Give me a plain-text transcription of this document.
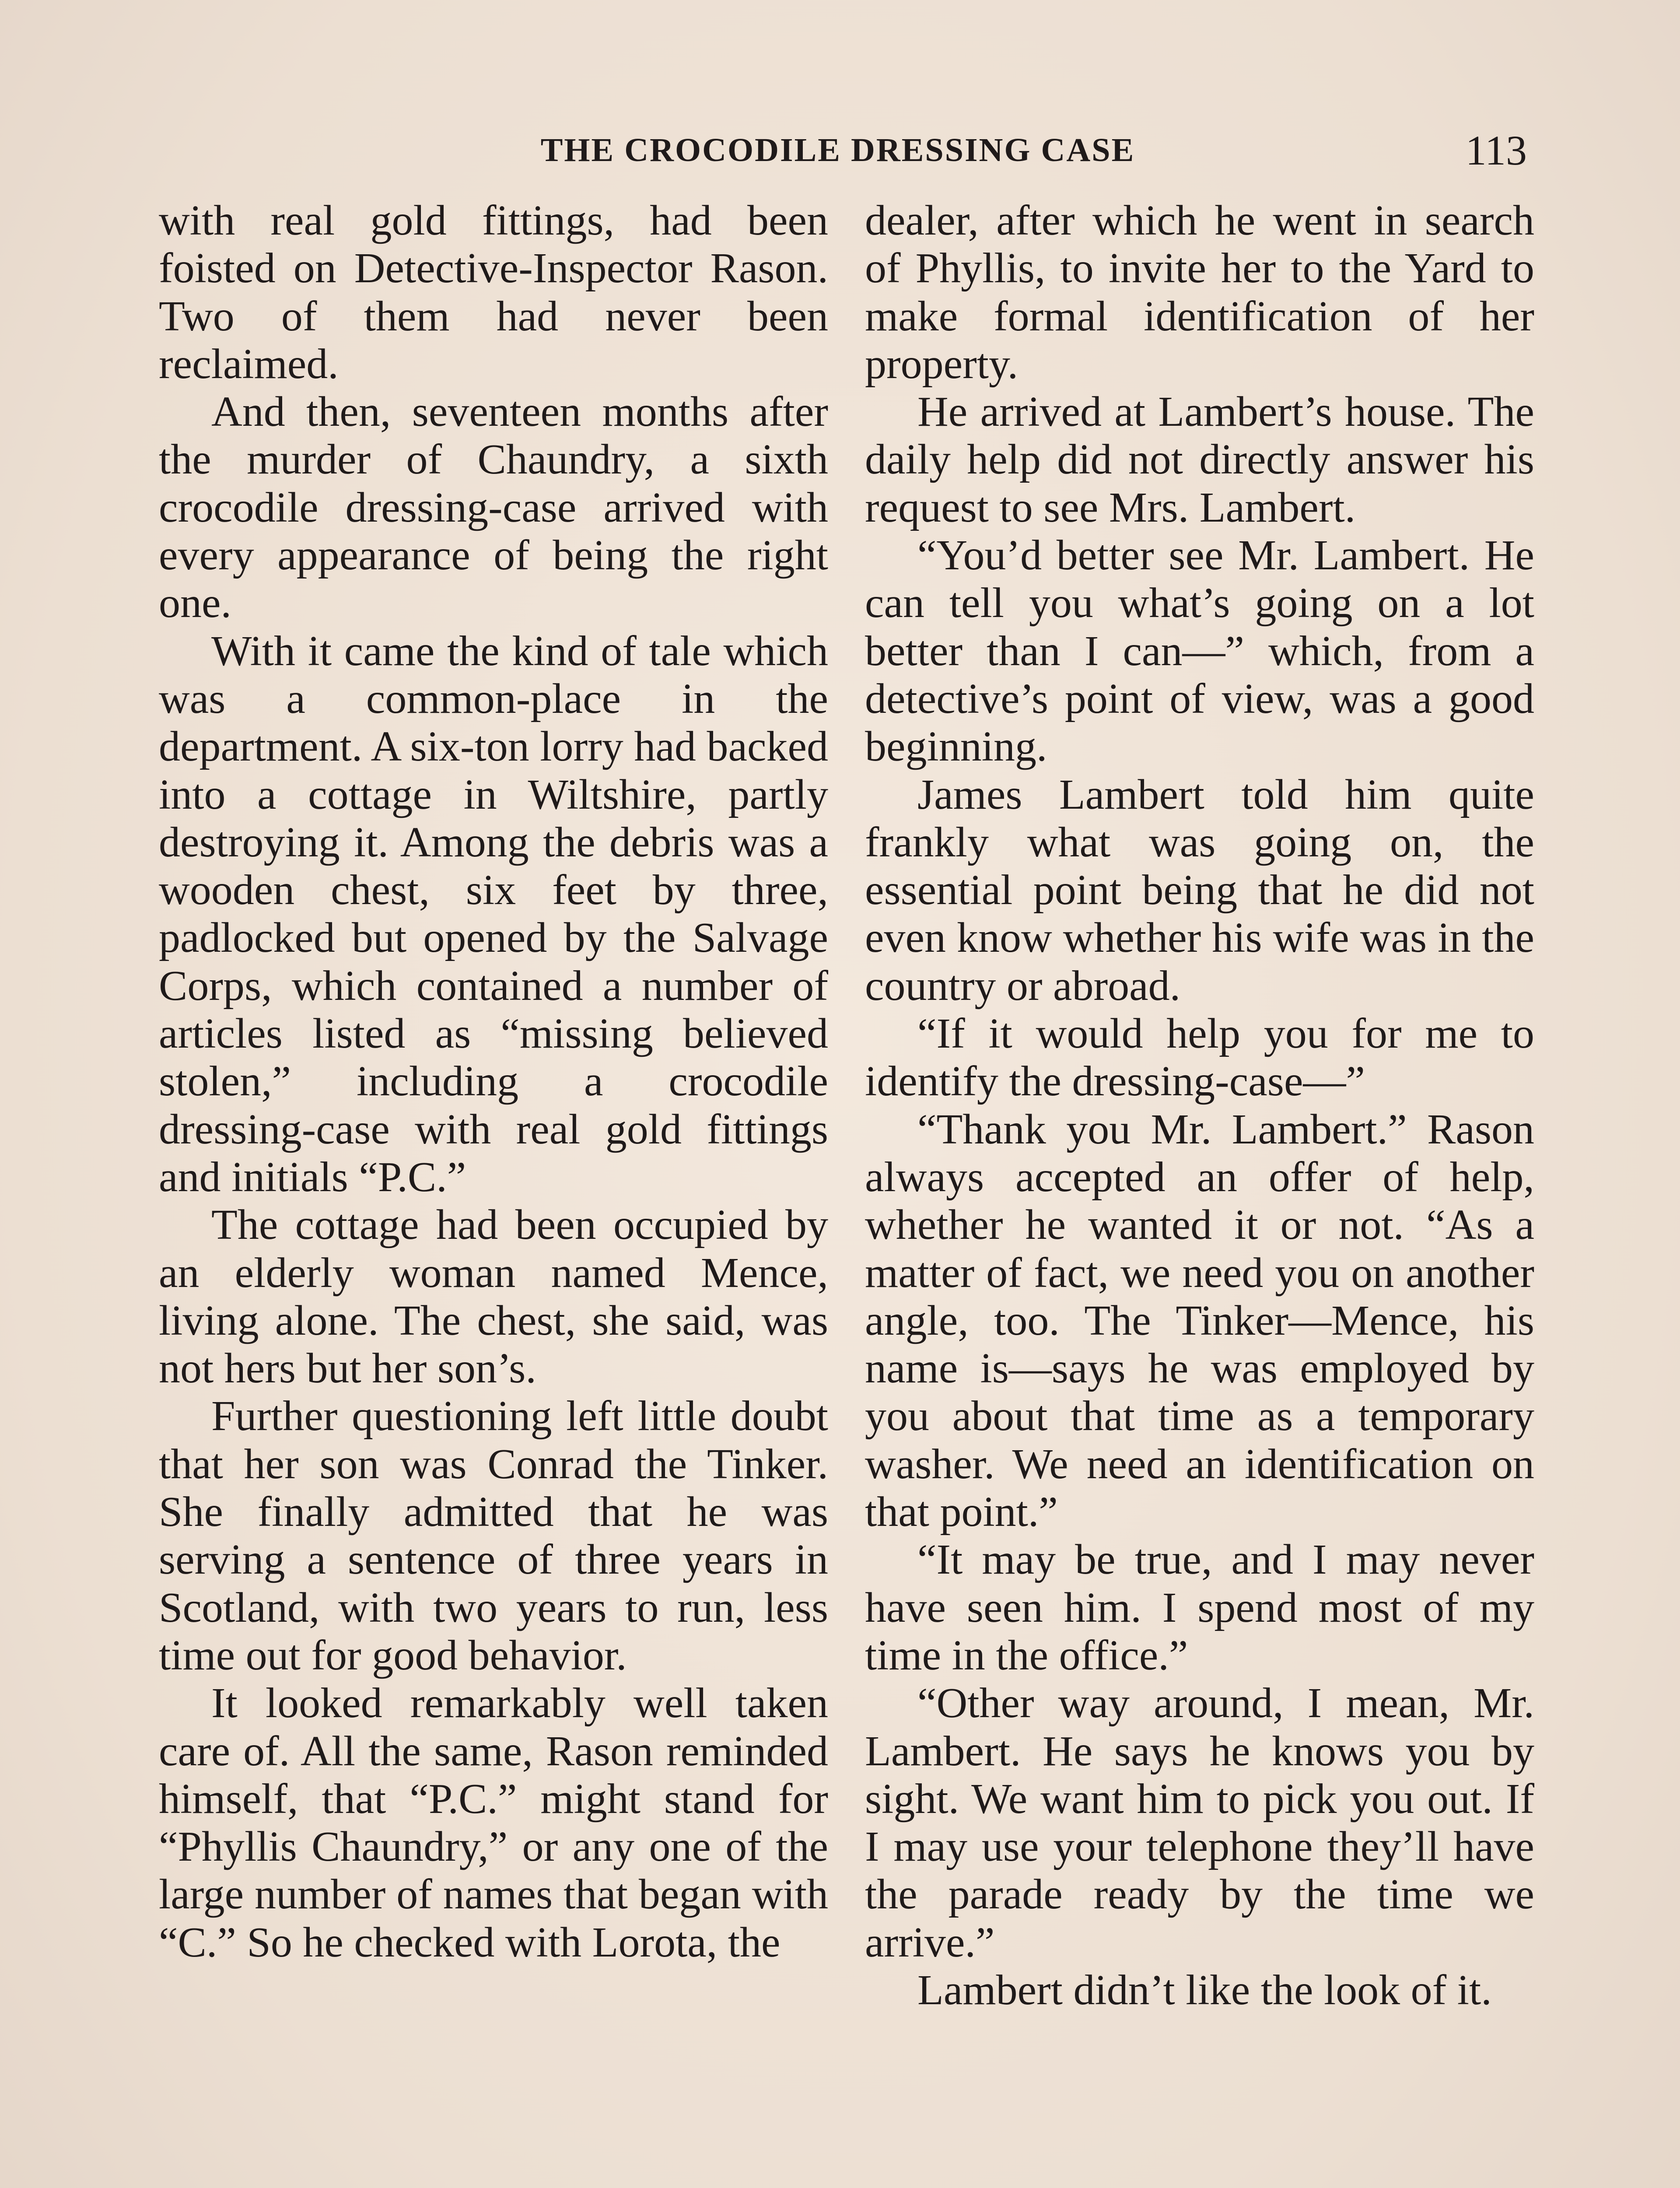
THE CROCODILE DRESSING CASE	113

with real gold fittings, had been foisted on Detective-Inspector Rason. Two of them had never been reclaimed.

And then, seventeen months after the murder of Chaundry, a sixth crocodile dressing-case arrived with every appearance of being the right one.

With it came the kind of tale which was a common-place in the department. A six-ton lorry had backed into a cottage in Wiltshire, partly destroying it. Among the debris was a wooden chest, six feet by three, padlocked but opened by the Salvage Corps, which contained a number of articles listed as “missing believed stolen,” including a crocodile dressing-case with real gold fittings and initials “P.C.”

The cottage had been occupied by an elderly woman named Mence, living alone. The chest, she said, was not hers but her son’s.

Further questioning left little doubt that her son was Conrad the Tinker. She finally admitted that he was serving a sentence of three years in Scotland, with two years to run, less time out for good behavior.

It looked remarkably well taken care of. All the same, Rason reminded himself, that “P.C.” might stand for “Phyllis Chaundry,” or any one of the large number of names that began with “C.” So he checked with Lorota, the

dealer, after which he went in search of Phyllis, to invite her to the Yard to make formal identification of her property.

He arrived at Lambert’s house. The daily help did not directly answer his request to see Mrs. Lambert.

“You’d better see Mr. Lambert. He can tell you what’s going on a lot better than I can—” which, from a detective’s point of view, was a good beginning.

James Lambert told him quite frankly what was going on, the essential point being that he did not even know whether his wife was in the country or abroad.

“If it would help you for me to identify the dressing-case—”

“Thank you Mr. Lambert.” Rason always accepted an offer of help, whether he wanted it or not. “As a matter of fact, we need you on another angle, too. The Tinker—Mence, his name is—says he was employed by you about that time as a temporary washer. We need an identification on that point.”

“It may be true, and I may never have seen him. I spend most of my time in the office.”

“Other way around, I mean, Mr. Lambert. He says he knows you by sight. We want him to pick you out. If I may use your telephone they’ll have the parade ready by the time we arrive.”

Lambert didn’t like the look of it.
